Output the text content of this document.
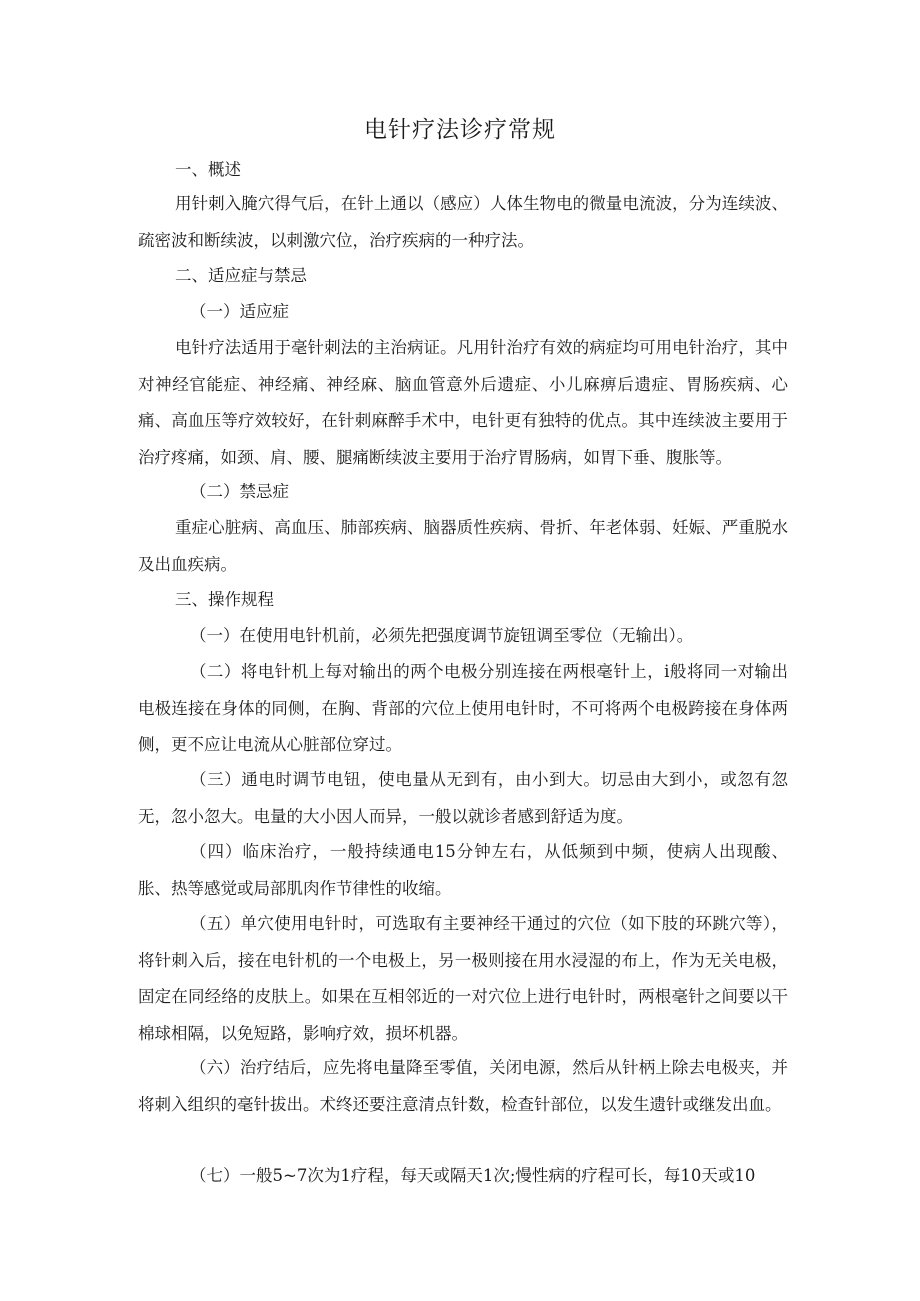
电针疗法诊疗常规
一、概述
用针刺入腌穴得气后，在针上通以（感应）人体生物电的微量电流波，分为连续波、疏密波和断续波，以刺激穴位，治疗疾病的一种疗法。
二、适应症与禁忌
（一）适应症
电针疗法适用于毫针刺法的主治病证。凡用针治疗有效的病症均可用电针治疗，其中对神经官能症、神经痛、神经麻、脑血管意外后遗症、小儿麻痹后遗症、胃肠疾病、心痛、高血压等疗效较好，在针刺麻醉手术中，电针更有独特的优点。其中连续波主要用于治疗疼痛，如颈、肩、腰、腿痛断续波主要用于治疗胃肠病，如胃下垂、腹胀等。
（二）禁忌症
重症心脏病、高血压、肺部疾病、脑器质性疾病、骨折、年老体弱、妊娠、严重脱水及出血疾病。
三、操作规程
（一）在使用电针机前，必须先把强度调节旋钮调至零位（无输出）。
（二）将电针机上每对输出的两个电极分别连接在两根毫针上，i般将同一对输出电极连接在身体的同侧，在胸、背部的穴位上使用电针时，不可将两个电极跨接在身体两侧，更不应让电流从心脏部位穿过。
（三）通电时调节电钮，使电量从无到有，由小到大。切忌由大到小，或忽有忽无，忽小忽大。电量的大小因人而异，一般以就诊者感到舒适为度。
（四）临床治疗，一般持续通电15分钟左右，从低频到中频，使病人出现酸、胀、热等感觉或局部肌肉作节律性的收缩。
（五）单穴使用电针时，可选取有主要神经干通过的穴位（如下肢的环跳穴等），将针刺入后，接在电针机的一个电极上，另一极则接在用水浸湿的布上，作为无关电极，固定在同经络的皮肤上。如果在互相邻近的一对穴位上进行电针时，两根毫针之间要以干棉球相隔，以免短路，影响疗效，损坏机器。
（六）治疗结后，应先将电量降至零值，关闭电源，然后从针柄上除去电极夹，并将刺入组织的毫针拔出。术终还要注意清点针数，检查针部位，以发生遗针或继发出血。
（七）一般5~7次为1疗程，每天或隔天1次;慢性病的疗程可长，每10天或10
